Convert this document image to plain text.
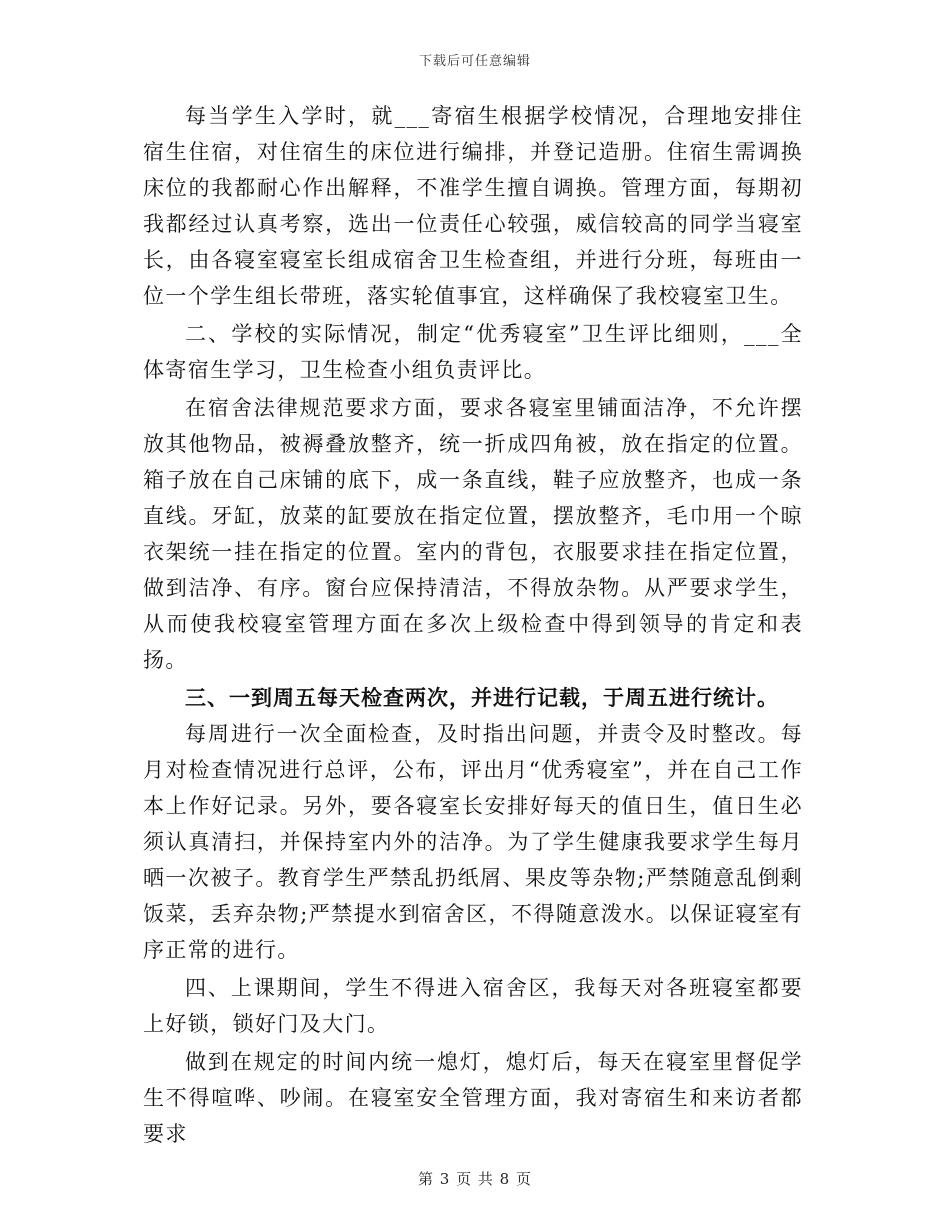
下载后可任意编辑

每当学生入学时，就___寄宿生根据学校情况，合理地安排住宿生住宿，对住宿生的床位进行编排，并登记造册。住宿生需调换床位的我都耐心作出解释，不准学生擅自调换。管理方面，每期初我都经过认真考察，选出一位责任心较强，威信较高的同学当寝室长，由各寝室寝室长组成宿舍卫生检查组，并进行分班，每班由一位一个学生组长带班，落实轮值事宜，这样确保了我校寝室卫生。

二、学校的实际情况，制定“优秀寝室”卫生评比细则，___全体寄宿生学习，卫生检查小组负责评比。

在宿舍法律规范要求方面，要求各寝室里铺面洁净，不允许摆放其他物品，被褥叠放整齐，统一折成四角被，放在指定的位置。箱子放在自己床铺的底下，成一条直线，鞋子应放整齐，也成一条直线。牙缸，放菜的缸要放在指定位置，摆放整齐，毛巾用一个晾衣架统一挂在指定的位置。室内的背包，衣服要求挂在指定位置，做到洁净、有序。窗台应保持清洁，不得放杂物。从严要求学生，从而使我校寝室管理方面在多次上级检查中得到领导的肯定和表扬。

三、一到周五每天检查两次，并进行记载，于周五进行统计。

每周进行一次全面检查，及时指出问题，并责令及时整改。每月对检查情况进行总评，公布，评出月“优秀寝室”，并在自己工作本上作好记录。另外，要各寝室长安排好每天的值日生，值日生必须认真清扫，并保持室内外的洁净。为了学生健康我要求学生每月晒一次被子。教育学生严禁乱扔纸屑、果皮等杂物;严禁随意乱倒剩饭菜，丢弃杂物;严禁提水到宿舍区，不得随意泼水。以保证寝室有序正常的进行。

四、上课期间，学生不得进入宿舍区，我每天对各班寝室都要上好锁，锁好门及大门。

做到在规定的时间内统一熄灯，熄灯后，每天在寝室里督促学生不得喧哗、吵闹。在寝室安全管理方面，我对寄宿生和来访者都要求

第 3 页 共 8 页
